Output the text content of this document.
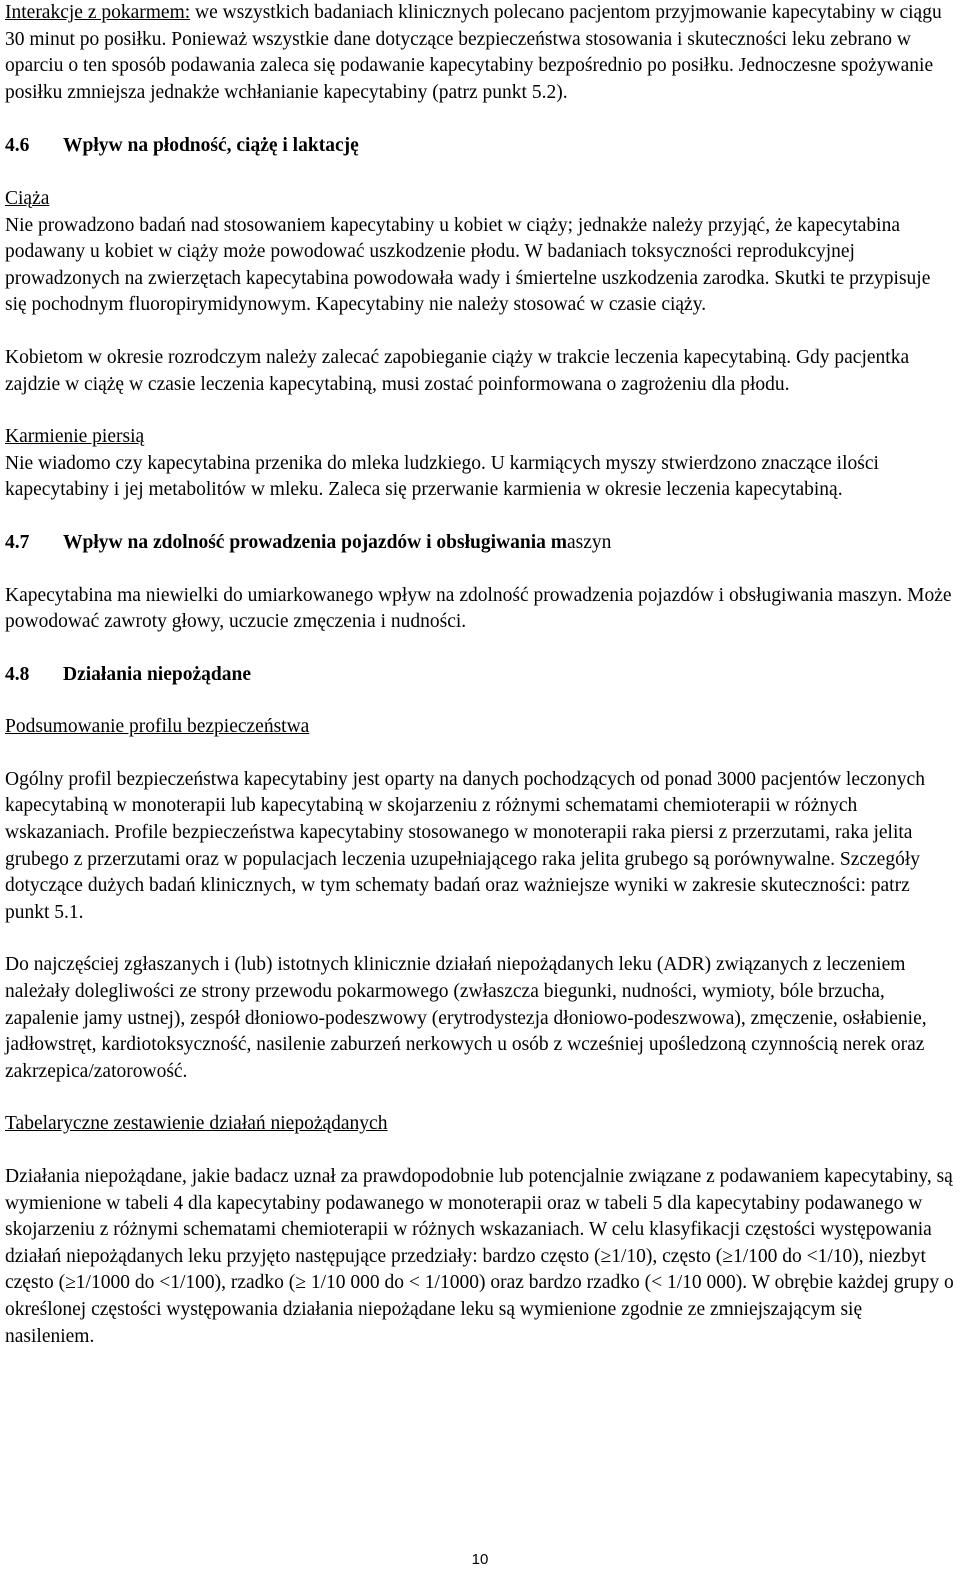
Interakcje z pokarmem: we wszystkich badaniach klinicznych polecano pacjentom przyjmowanie kapecytabiny w ciągu 30 minut po posiłku. Ponieważ wszystkie dane dotyczące bezpieczeństwa stosowania i skuteczności leku zebrano w oparciu o ten sposób podawania zaleca się podawanie kapecytabiny bezpośrednio po posiłku. Jednoczesne spożywanie posiłku zmniejsza jednakże wchłanianie kapecytabiny (patrz punkt 5.2).

4.6 Wpływ na płodność, ciążę i laktację

Ciąża

Nie prowadzono badań nad stosowaniem kapecytabiny u kobiet w ciąży; jednakże należy przyjąć, że kapecytabina podawany u kobiet w ciąży może powodować uszkodzenie płodu. W badaniach toksyczności reprodukcyjnej prowadzonych na zwierzętach kapecytabina powodowała wady i śmiertelne uszkodzenia zarodka. Skutki te przypisuje się pochodnym fluoropirymidynowym. Kapecytabiny nie należy stosować w czasie ciąży.

Kobietom w okresie rozrodczym należy zalecać zapobieganie ciąży w trakcie leczenia kapecytabiną. Gdy pacjentka zajdzie w ciążę w czasie leczenia kapecytabiną, musi zostać poinformowana o zagrożeniu dla płodu.

Karmienie piersią

Nie wiadomo czy kapecytabina przenika do mleka ludzkiego. U karmiących myszy stwierdzono znaczące ilości kapecytabiny i jej metabolitów w mleku. Zaleca się przerwanie karmienia w okresie leczenia kapecytabiną.

4.7 Wpływ na zdolność prowadzenia pojazdów i obsługiwania maszyn

Kapecytabina ma niewielki do umiarkowanego wpływ na zdolność prowadzenia pojazdów i obsługiwania maszyn. Może powodować zawroty głowy, uczucie zmęczenia i nudności.

4.8 Działania niepożądane

Podsumowanie profilu bezpieczeństwa

Ogólny profil bezpieczeństwa kapecytabiny jest oparty na danych pochodzących od ponad 3000 pacjentów leczonych kapecytabiną w monoterapii lub kapecytabiną w skojarzeniu z różnymi schematami chemioterapii w różnych wskazaniach. Profile bezpieczeństwa kapecytabiny stosowanego w monoterapii raka piersi z przerzutami, raka jelita grubego z przerzutami oraz w populacjach leczenia uzupełniającego raka jelita grubego są porównywalne. Szczegóły dotyczące dużych badań klinicznych, w tym schematy badań oraz ważniejsze wyniki w zakresie skuteczności: patrz punkt 5.1.

Do najczęściej zgłaszanych i (lub) istotnych klinicznie działań niepożądanych leku (ADR) związanych z leczeniem należały dolegliwości ze strony przewodu pokarmowego (zwłaszcza biegunki, nudności, wymioty, bóle brzucha, zapalenie jamy ustnej), zespół dłoniowo-podeszwowy (erytrodystezja dłoniowo-podeszwowa), zmęczenie, osłabienie, jadłowstręt, kardiotoksyczność, nasilenie zaburzeń nerkowych u osób z wcześniej upośledzoną czynnością nerek oraz zakrzepica/zatorowość.

Tabelaryczne zestawienie działań niepożądanych

Działania niepożądane, jakie badacz uznał za prawdopodobnie lub potencjalnie związane z podawaniem kapecytabiny, są wymienione w tabeli 4 dla kapecytabiny podawanego w monoterapii oraz w tabeli 5 dla kapecytabiny podawanego w skojarzeniu z różnymi schematami chemioterapii w różnych wskazaniach. W celu klasyfikacji częstości występowania działań niepożądanych leku przyjęto następujące przedziały: bardzo często (≥1/10), często (≥1/100 do <1/10), niezbyt często (≥1/1000 do <1/100), rzadko (≥ 1/10 000 do < 1/1000) oraz bardzo rzadko (< 1/10 000). W obrębie każdej grupy o określonej częstości występowania działania niepożądane leku są wymienione zgodnie ze zmniejszającym się nasileniem.

10
